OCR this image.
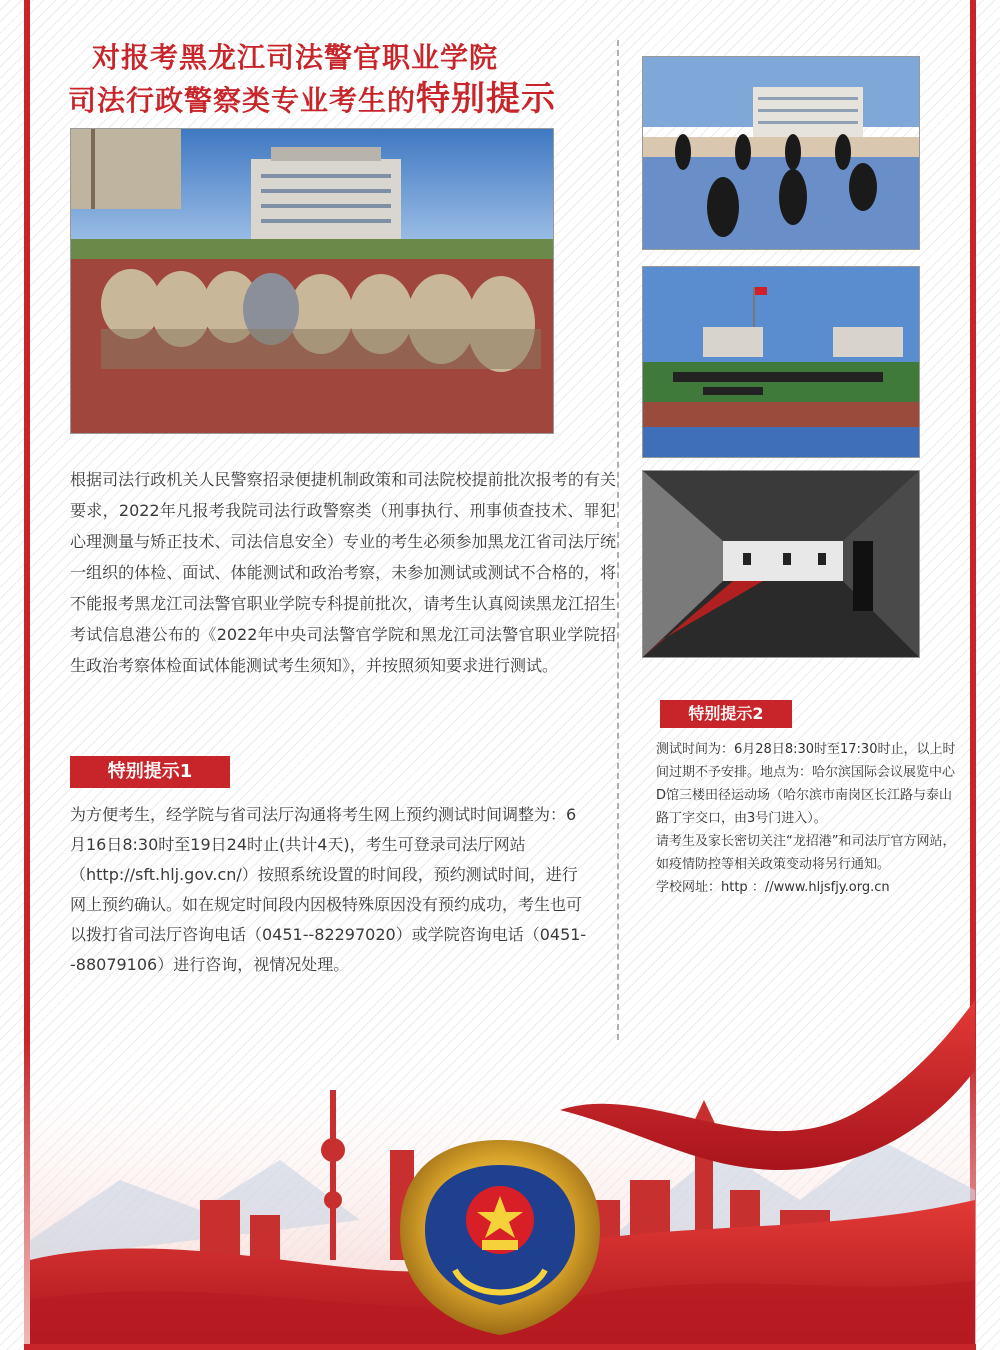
对报考黑龙江司法警官职业学院
司法行政警察类专业考生的特别提示

根据司法行政机关人民警察招录便捷机制政策和司法院校提前批次报考的有关要求，2022年凡报考我院司法行政警察类（刑事执行、刑事侦查技术、罪犯心理测量与矫正技术、司法信息安全）专业的考生必须参加黑龙江省司法厅统一组织的体检、面试、体能测试和政治考察，未参加测试或测试不合格的，将不能报考黑龙江司法警官职业学院专科提前批次，请考生认真阅读黑龙江招生考试信息港公布的《2022年中央司法警官学院和黑龙江司法警官职业学院招生政治考察体检面试体能测试考生须知》，并按照须知要求进行测试。

特别提示1

为方便考生，经学院与省司法厅沟通将考生网上预约测试时间调整为：6月16日8:30时至19日24时止(共计4天)，考生可登录司法厅网站（http://sft.hlj.gov.cn/）按照系统设置的时间段，预约测试时间，进行网上预约确认。如在规定时间段内因极特殊原因没有预约成功，考生也可以拨打省司法厅咨询电话（0451--82297020）或学院咨询电话（0451--88079106）进行咨询，视情况处理。

特别提示2

测试时间为：6月28日8:30时至17:30时止，以上时间过期不予安排。地点为：哈尔滨国际会议展览中心D馆三楼田径运动场（哈尔滨市南岗区长江路与泰山路丁字交口，由3号门进入）。

请考生及家长密切关注“龙招港”和司法厅官方网站，如疫情防控等相关政策变动将另行通知。

学校网址：http ：//www.hljsfjy.org.cn
